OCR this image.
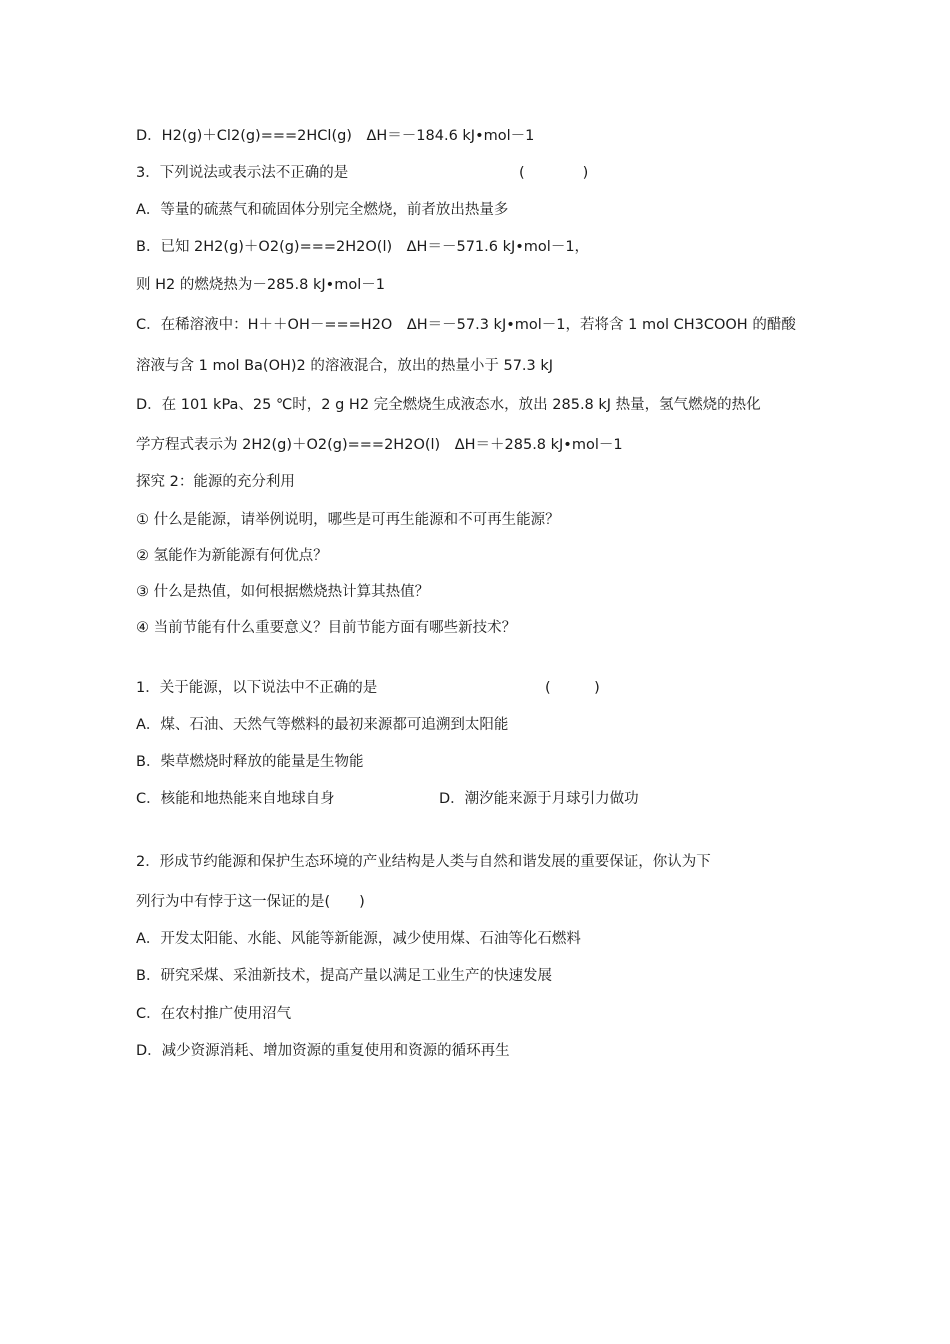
D．H2(g)＋Cl2(g)===2HCl(g)　ΔH＝－184.6 kJ•mol－1
3．下列说法或表示法不正确的是	(　　　　)
A．等量的硫蒸气和硫固体分别完全燃烧，前者放出热量多
B．已知 2H2(g)＋O2(g)===2H2O(l)　ΔH＝－571.6 kJ•mol－1，
则 H2 的燃烧热为－285.8 kJ•mol－1
C．在稀溶液中：H＋＋OH－===H2O　ΔH＝－57.3 kJ•mol－1，若将含 1 mol CH3COOH 的醋酸
溶液与含 1 mol Ba(OH)2 的溶液混合，放出的热量小于 57.3 kJ
D．在 101 kPa、25 ℃时，2 g H2 完全燃烧生成液态水，放出 285.8 kJ 热量，氢气燃烧的热化
学方程式表示为 2H2(g)＋O2(g)===2H2O(l)　ΔH＝＋285.8 kJ•mol－1
探究 2：能源的充分利用
① 什么是能源，请举例说明，哪些是可再生能源和不可再生能源？
② 氢能作为新能源有何优点？
③ 什么是热值，如何根据燃烧热计算其热值？
④ 当前节能有什么重要意义？目前节能方面有哪些新技术？
1．关于能源，以下说法中不正确的是	(　　　)
A．煤、石油、天然气等燃料的最初来源都可追溯到太阳能
B．柴草燃烧时释放的能量是生物能
C．核能和地热能来自地球自身	D．潮汐能来源于月球引力做功
2．形成节约能源和保护生态环境的产业结构是人类与自然和谐发展的重要保证，你认为下
列行为中有悖于这一保证的是(　　)
A．开发太阳能、水能、风能等新能源，减少使用煤、石油等化石燃料
B．研究采煤、采油新技术，提高产量以满足工业生产的快速发展
C．在农村推广使用沼气
D．减少资源消耗、增加资源的重复使用和资源的循环再生
